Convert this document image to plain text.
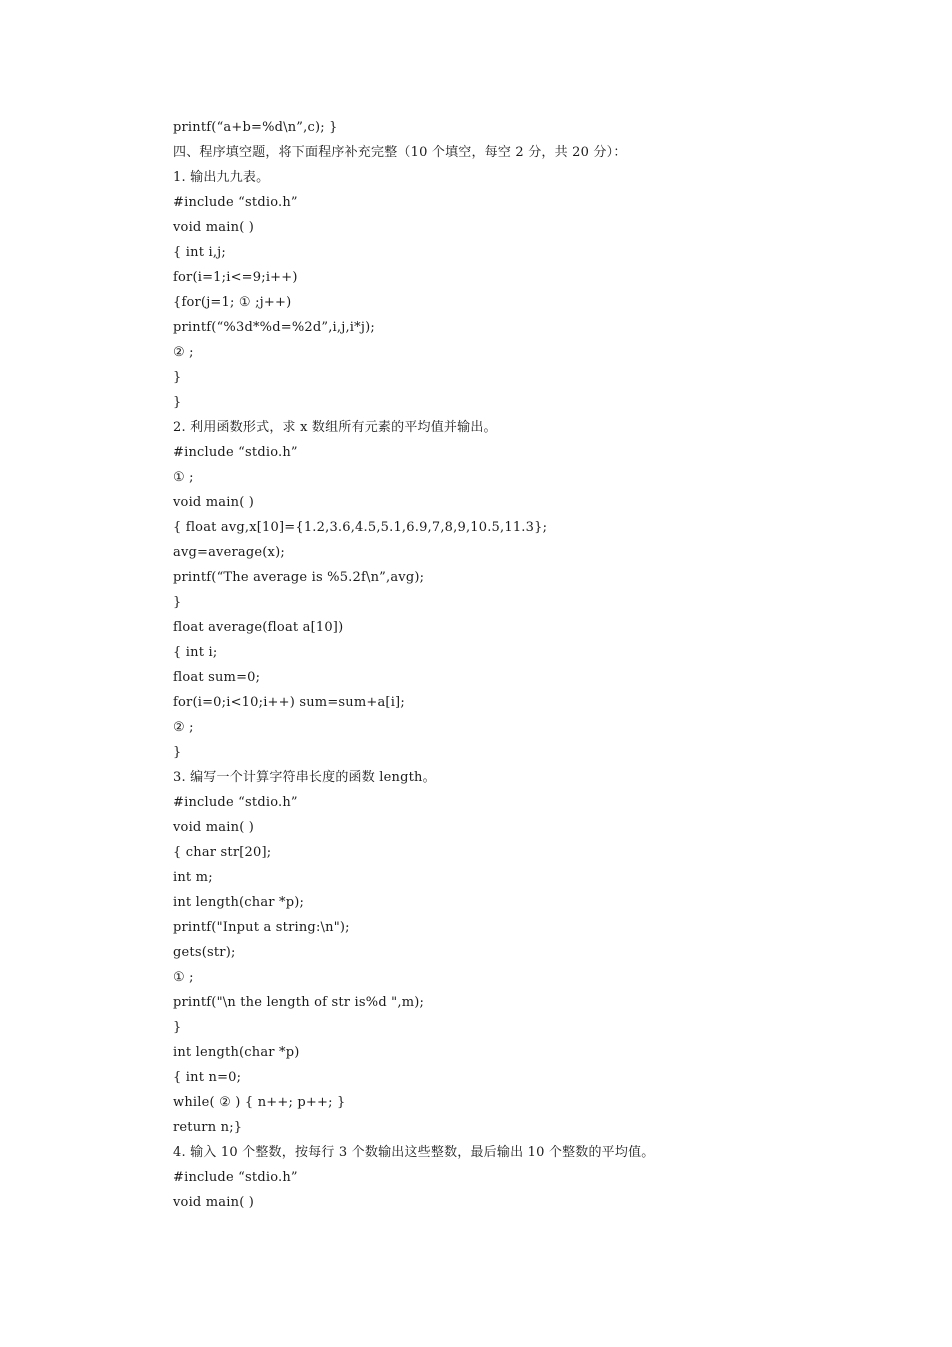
printf(“a+b=%d\n”,c); }
四、程序填空题，将下面程序补充完整（10 个填空，每空 2 分，共 20 分）：
1. 输出九九表。
#include “stdio.h”
void main( )
{ int i,j;
for(i=1;i<=9;i++)
{for(j=1; ① ;j++)
printf(“%3d*%d=%2d”,i,j,i*j);
② ;
}
}
2. 利用函数形式，求 x 数组所有元素的平均值并输出。
#include “stdio.h”
① ;
void main( )
{ float avg,x[10]={1.2,3.6,4.5,5.1,6.9,7,8,9,10.5,11.3};
avg=average(x);
printf(“The average is %5.2f\n”,avg);
}
float average(float a[10])
{ int i;
float sum=0;
for(i=0;i<10;i++) sum=sum+a[i];
② ;
}
3. 编写一个计算字符串长度的函数 length。
#include “stdio.h”
void main( )
{ char str[20];
int m;
int length(char *p);
printf("Input a string:\n");
gets(str);
① ;
printf("\n the length of str is%d ",m);
}
int length(char *p)
{ int n=0;
while( ② ) { n++; p++; }
return n;}
4. 输入 10 个整数，按每行 3 个数输出这些整数，最后输出 10 个整数的平均值。
#include “stdio.h”
void main( )
